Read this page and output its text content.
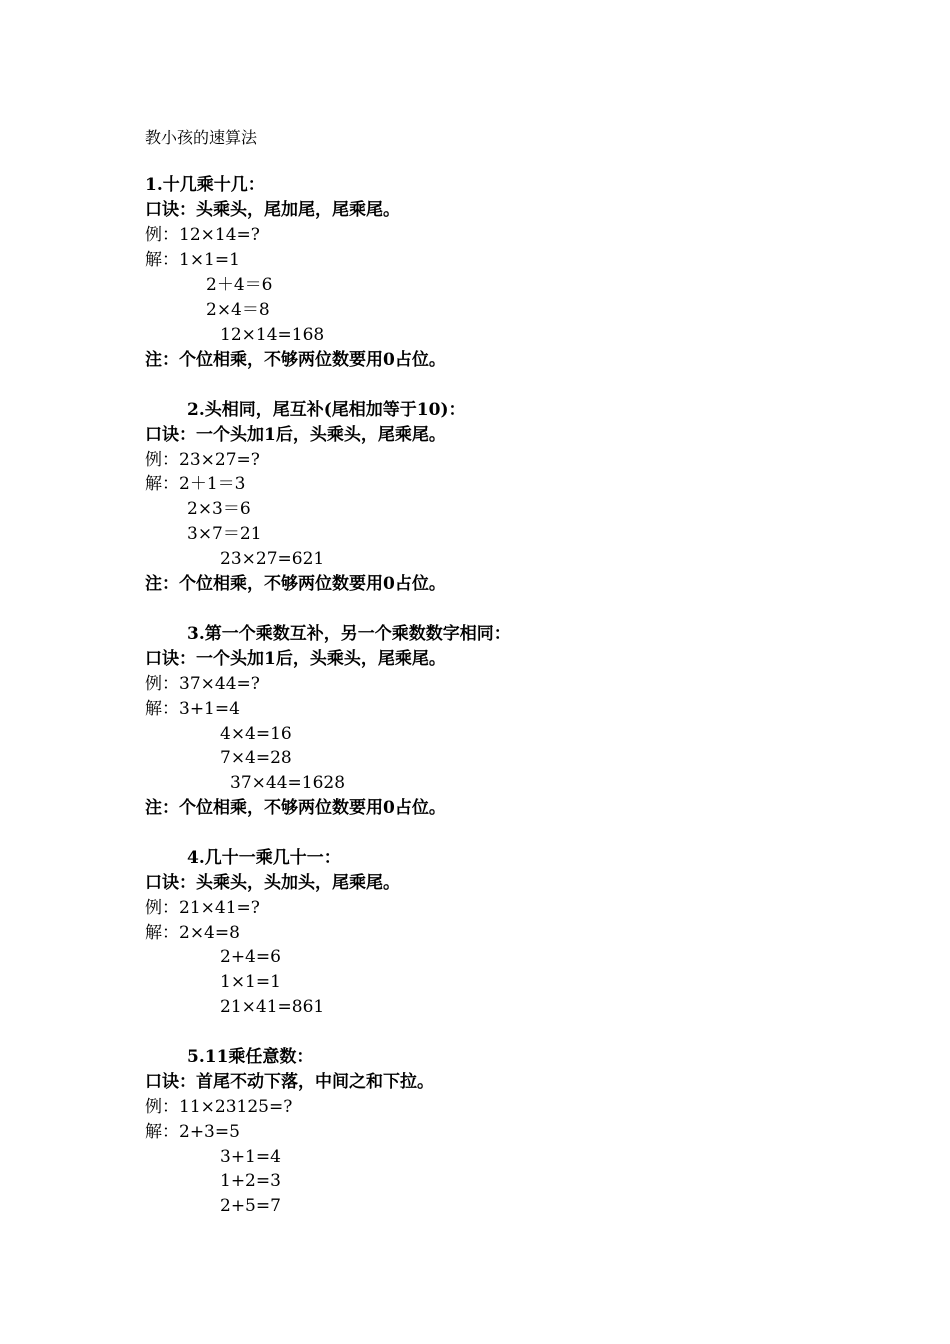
教小孩的速算法
1.十几乘十几：
口诀：头乘头，尾加尾，尾乘尾。
例：12×14=?
解：1×1=1
2＋4＝6
2×4＝8
12×14=168
注：个位相乘，不够两位数要用0占位。
2.头相同，尾互补(尾相加等于10)：
口诀：一个头加1后，头乘头，尾乘尾。
例：23×27=?
解：2＋1＝3
2×3＝6
3×7＝21
23×27=621
注：个位相乘，不够两位数要用0占位。
3.第一个乘数互补，另一个乘数数字相同：
口诀：一个头加1后，头乘头，尾乘尾。
例：37×44=?
解：3+1=4
4×4=16
7×4=28
37×44=1628
注：个位相乘，不够两位数要用0占位。
4.几十一乘几十一：
口诀：头乘头，头加头，尾乘尾。
例：21×41=?
解：2×4=8
2+4=6
1×1=1
21×41=861
5.11乘任意数：
口诀：首尾不动下落，中间之和下拉。
例：11×23125=?
解：2+3=5
3+1=4
1+2=3
2+5=7
